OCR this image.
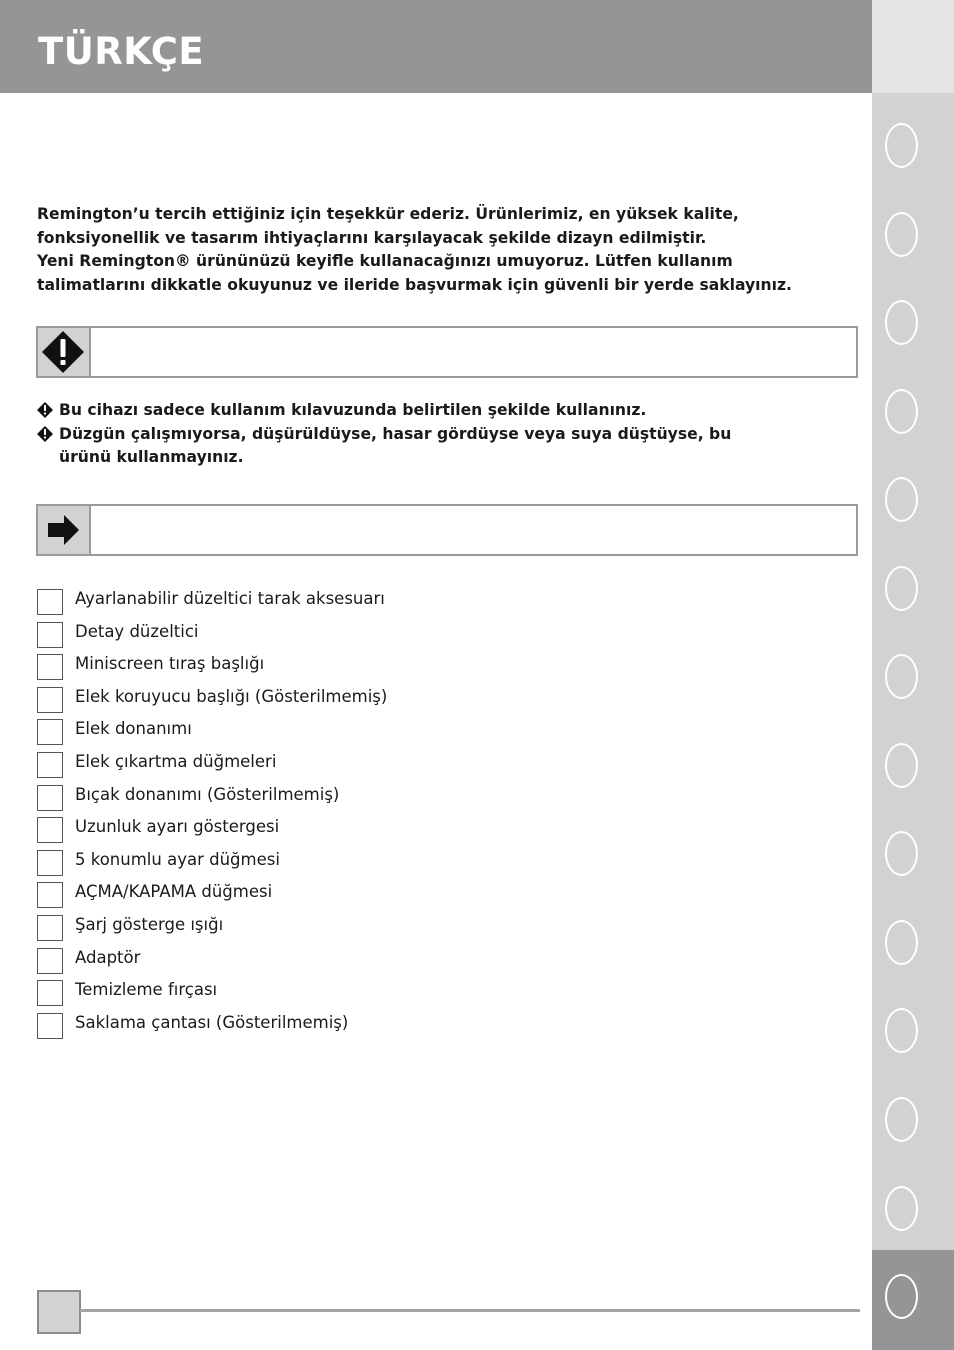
TÜRKÇE

Remington’u tercih ettiğiniz için teşekkür ederiz. Ürünlerimiz, en yüksek kalite,

fonksiyonellik ve tasarım ihtiyaçlarını karşılayacak şekilde dizayn edilmiştir.

Yeni Remington® ürününüzü keyifle kullanacağınızı umuyoruz. Lütfen kullanım

talimatlarını dikkatle okuyunuz ve ileride başvurmak için güvenli bir yerde saklayınız.

Bu cihazı sadece kullanım kılavuzunda belirtilen şekilde kullanınız.
Düzgün çalışmıyorsa, düşürüldüyse, hasar gördüyse veya suya düştüyse, bu
ürünü kullanmayınız.
Ayarlanabilir düzeltici tarak aksesuarı
Detay düzeltici
Miniscreen tıraş başlığı
Elek koruyucu başlığı (Gösterilmemiş)
Elek donanımı
Elek çıkartma düğmeleri
Bıçak donanımı (Gösterilmemiş)
Uzunluk ayarı göstergesi
5 konumlu ayar düğmesi
AÇMA/KAPAMA düğmesi
Şarj gösterge ışığı
Adaptör
Temizleme fırçası
Saklama çantası (Gösterilmemiş)
